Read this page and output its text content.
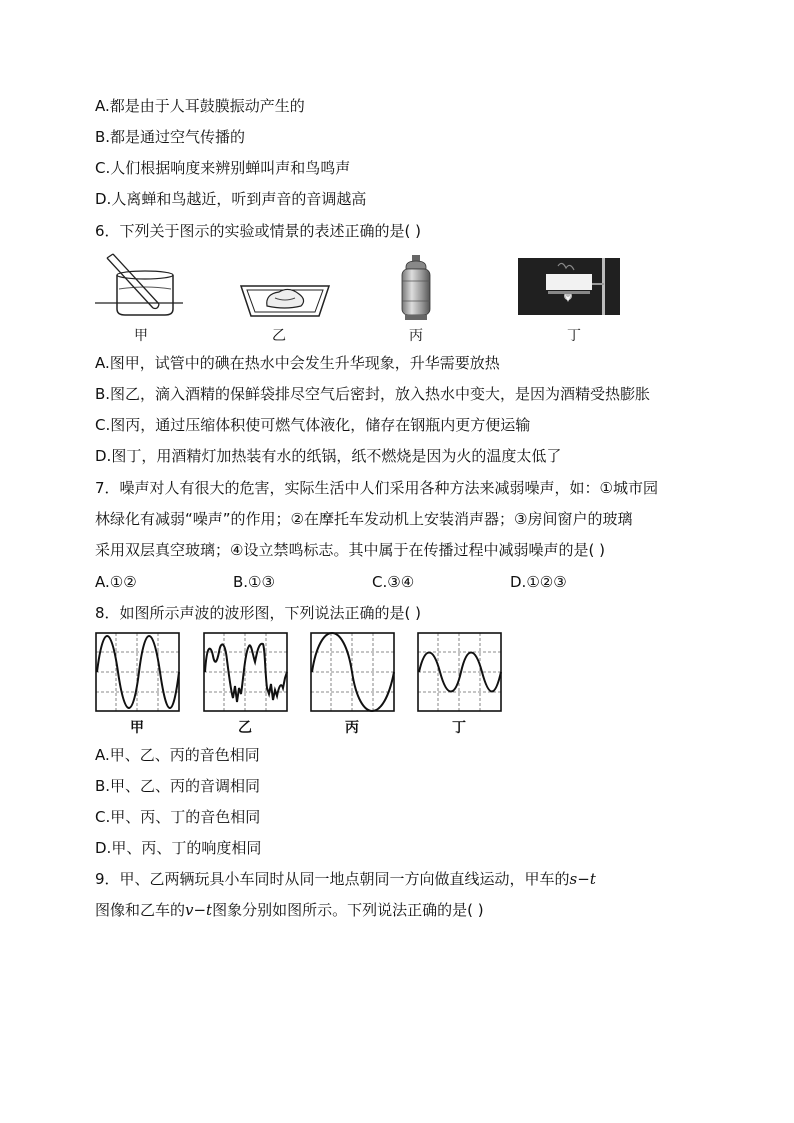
A.都是由于人耳鼓膜振动产生的
B.都是通过空气传播的
C.人们根据响度来辨别蝉叫声和鸟鸣声
D.人离蝉和鸟越近，听到声音的音调越高
6．下列关于图示的实验或情景的表述正确的是( )
甲	乙	丙	丁
A.图甲，试管中的碘在热水中会发生升华现象，升华需要放热
B.图乙，滴入酒精的保鲜袋排尽空气后密封，放入热水中变大，是因为酒精受热膨胀
C.图丙，通过压缩体积使可燃气体液化，储存在钢瓶内更方便运输
D.图丁，用酒精灯加热装有水的纸锅，纸不燃烧是因为火的温度太低了
7．噪声对人有很大的危害，实际生活中人们采用各种方法来减弱噪声，如：①城市园
林绿化有减弱“噪声”的作用；②在摩托车发动机上安装消声器；③房间窗户的玻璃
采用双层真空玻璃；④设立禁鸣标志。其中属于在传播过程中减弱噪声的是( )
A.①②	B.①③	C.③④	D.①②③
8．如图所示声波的波形图，下列说法正确的是( )
甲	乙	丙	丁
A.甲、乙、丙的音色相同
B.甲、乙、丙的音调相同
C.甲、丙、丁的音色相同
D.甲、丙、丁的响度相同
9．甲、乙两辆玩具小车同时从同一地点朝同一方向做直线运动，甲车的s−t
图像和乙车的v−t图象分别如图所示。下列说法正确的是( )
